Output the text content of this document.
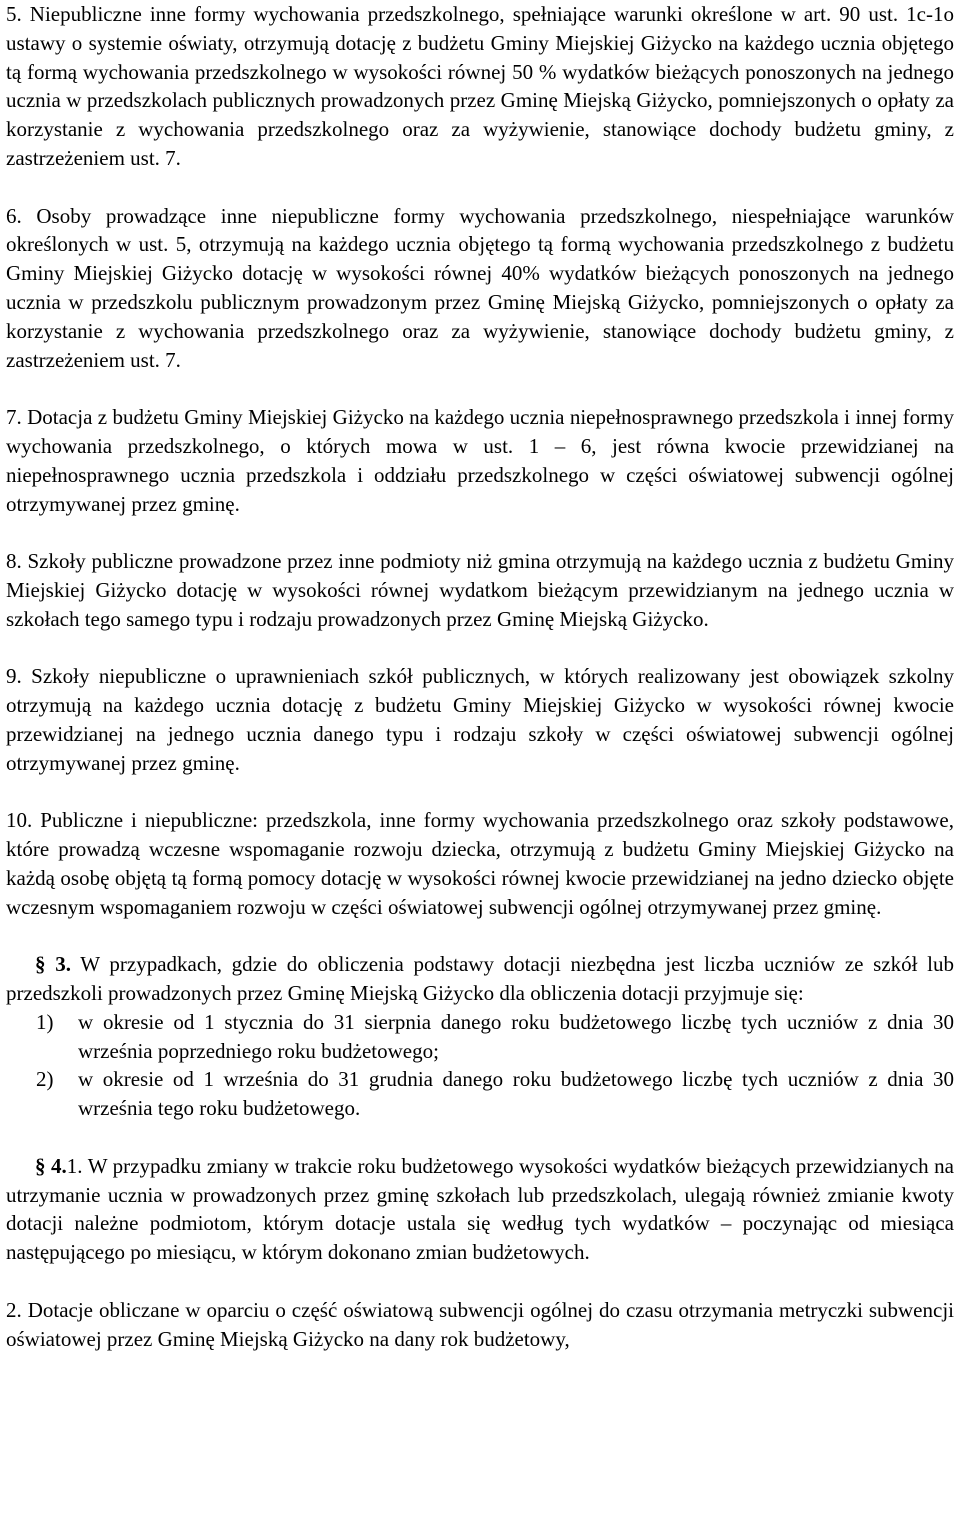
5. Niepubliczne inne formy wychowania przedszkolnego, spełniające warunki określone w art. 90 ust. 1c-1o ustawy o systemie oświaty, otrzymują dotację z budżetu Gminy Miejskiej Giżycko na każdego ucznia objętego tą formą wychowania przedszkolnego w wysokości równej 50 % wydatków bieżących ponoszonych na jednego ucznia w przedszkolach publicznych prowadzonych przez Gminę Miejską Giżycko, pomniejszonych o opłaty za korzystanie z wychowania przedszkolnego oraz za wyżywienie, stanowiące dochody budżetu gminy, z zastrzeżeniem ust. 7.

6. Osoby prowadzące inne niepubliczne formy wychowania przedszkolnego, niespełniające warunków określonych w ust. 5, otrzymują na każdego ucznia objętego tą formą wychowania przedszkolnego z budżetu Gminy Miejskiej Giżycko dotację w wysokości równej 40% wydatków bieżących ponoszonych na jednego ucznia w przedszkolu publicznym prowadzonym przez Gminę Miejską Giżycko, pomniejszonych o opłaty za korzystanie z wychowania przedszkolnego oraz za wyżywienie, stanowiące dochody budżetu gminy, z zastrzeżeniem ust. 7.

7. Dotacja z budżetu Gminy Miejskiej Giżycko na każdego ucznia niepełnosprawnego przedszkola i innej formy wychowania przedszkolnego, o których mowa w ust. 1 – 6, jest równa kwocie przewidzianej na niepełnosprawnego ucznia przedszkola i oddziału przedszkolnego w części oświatowej subwencji ogólnej otrzymywanej przez gminę.

8. Szkoły publiczne prowadzone przez inne podmioty niż gmina otrzymują na każdego ucznia z budżetu Gminy Miejskiej Giżycko dotację w wysokości równej wydatkom bieżącym przewidzianym na jednego ucznia w szkołach tego samego typu i rodzaju prowadzonych przez Gminę Miejską Giżycko.

9. Szkoły niepubliczne o uprawnieniach szkół publicznych, w których realizowany jest obowiązek szkolny otrzymują na każdego ucznia dotację z budżetu Gminy Miejskiej Giżycko w wysokości równej kwocie przewidzianej na jednego ucznia danego typu i rodzaju szkoły w części oświatowej subwencji ogólnej otrzymywanej przez gminę.

10. Publiczne i niepubliczne: przedszkola, inne formy wychowania przedszkolnego oraz szkoły podstawowe, które prowadzą wczesne wspomaganie rozwoju dziecka, otrzymują z budżetu Gminy Miejskiej Giżycko na każdą osobę objętą tą formą pomocy dotację w wysokości równej kwocie przewidzianej na jedno dziecko objęte wczesnym wspomaganiem rozwoju w części oświatowej subwencji ogólnej otrzymywanej przez gminę.

§ 3. W przypadkach, gdzie do obliczenia podstawy dotacji niezbędna jest liczba uczniów ze szkół lub przedszkoli prowadzonych przez Gminę Miejską Giżycko dla obliczenia dotacji przyjmuje się:

1) w okresie od 1 stycznia do 31 sierpnia danego roku budżetowego liczbę tych uczniów z dnia 30 września poprzedniego roku budżetowego;
2) w okresie od 1 września do 31 grudnia danego roku budżetowego liczbę tych uczniów z dnia 30 września tego roku budżetowego.

§ 4.1. W przypadku zmiany w trakcie roku budżetowego wysokości wydatków bieżących przewidzianych na utrzymanie ucznia w prowadzonych przez gminę szkołach lub przedszkolach, ulegają również zmianie kwoty dotacji należne podmiotom, którym dotacje ustala się według tych wydatków – poczynając od miesiąca następującego po miesiącu, w którym dokonano zmian budżetowych.

2. Dotacje obliczane w oparciu o część oświatową subwencji ogólnej do czasu otrzymania metryczki subwencji oświatowej przez Gminę Miejską Giżycko na dany rok budżetowy,
